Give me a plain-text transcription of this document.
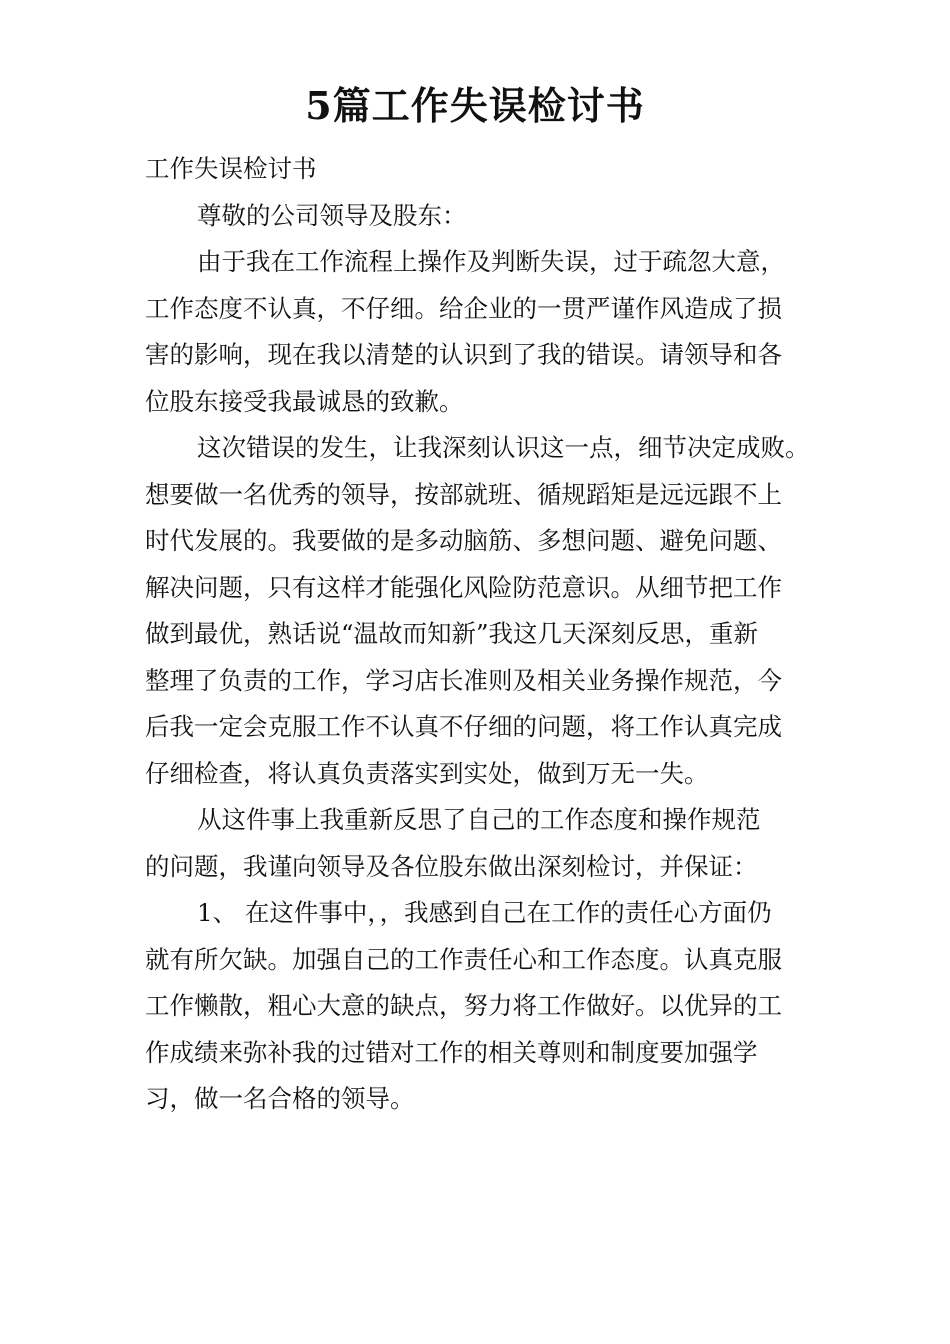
5篇工作失误检讨书
工作失误检讨书
尊敬的公司领导及股东：
由于我在工作流程上操作及判断失误，过于疏忽大意，
工作态度不认真，不仔细。给企业的一贯严谨作风造成了损
害的影响，现在我以清楚的认识到了我的错误。请领导和各
位股东接受我最诚恳的致歉。
这次错误的发生，让我深刻认识这一点，细节决定成败。
想要做一名优秀的领导，按部就班、循规蹈矩是远远跟不上
时代发展的。我要做的是多动脑筋、多想问题、避免问题、
解决问题，只有这样才能强化风险防范意识。从细节把工作
做到最优，熟话说“温故而知新”我这几天深刻反思，重新
整理了负责的工作，学习店长准则及相关业务操作规范，今
后我一定会克服工作不认真不仔细的问题，将工作认真完成
仔细检查，将认真负责落实到实处，做到万无一失。
从这件事上我重新反思了自己的工作态度和操作规范
的问题，我谨向领导及各位股东做出深刻检讨，并保证：
1、 在这件事中，，我感到自己在工作的责任心方面仍
就有所欠缺。加强自己的工作责任心和工作态度。认真克服
工作懒散，粗心大意的缺点，努力将工作做好。以优异的工
作成绩来弥补我的过错对工作的相关尊则和制度要加强学
习，做一名合格的领导。
